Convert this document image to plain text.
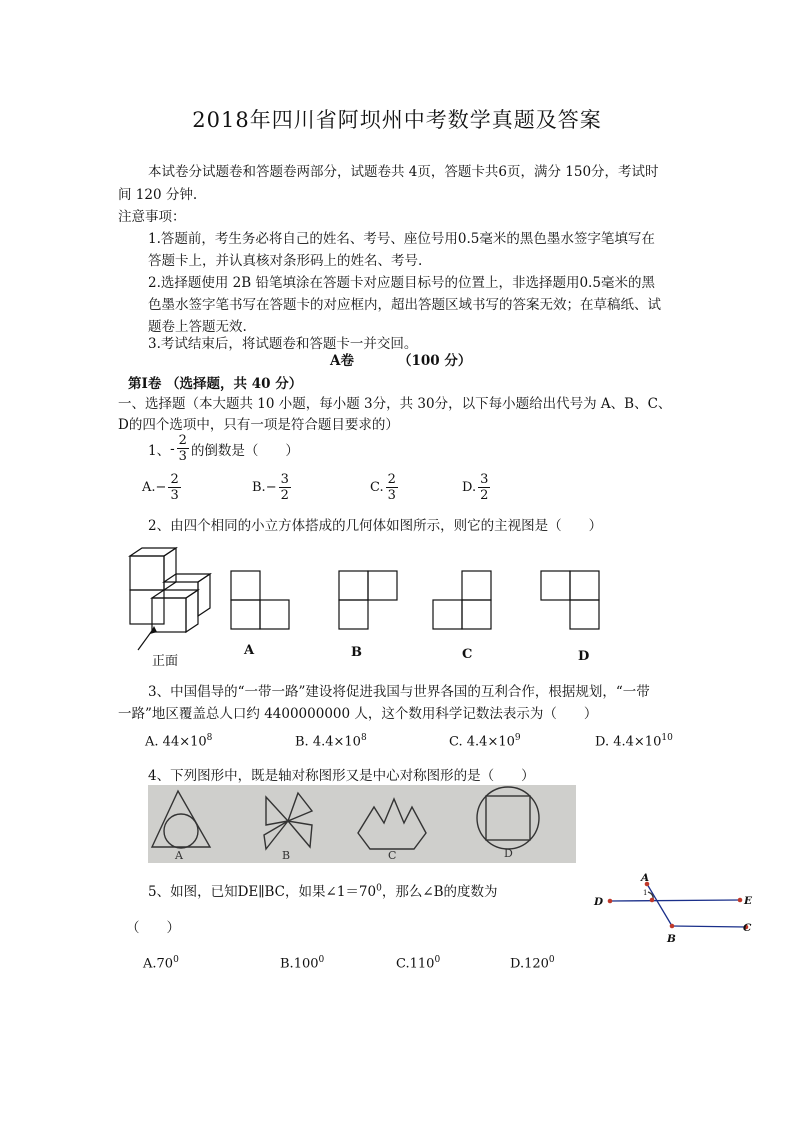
2018年四川省阿坝州中考数学真题及答案
本试卷分试题卷和答题卷两部分，试题卷共 4页，答题卡共6页，满分 150分，考试时
间 120 分钟.
注意事项：
1.答题前，考生务必将自己的姓名、考号、座位号用0.5毫米的黑色墨水签字笔填写在
答题卡上，并认真核对条形码上的姓名、考号.
2.选择题使用 2B 铅笔填涂在答题卡对应题目标号的位置上，非选择题用0.5毫米的黑
色墨水签字笔书写在答题卡的对应框内，超出答题区域书写的答案无效；在草稿纸、试
题卷上答题无效.
3.考试结束后，将试题卷和答题卡一并交回。
A卷	（100 分）
第Ⅰ卷 （选择题，共 40 分）
一、选择题（本大题共 10 小题，每小题 3分，共 30分，以下每小题给出代号为 A、B、C、
D的四个选项中，只有一项是符合题目要求的）
1、 - $\frac{2}{3}$ 的倒数是（　　）
A. − $\frac{2}{3}$	B. − $\frac{3}{2}$	C. $\frac{2}{3}$	D. $\frac{3}{2}$
2、由四个相同的小立方体搭成的几何体如图所示，则它的主视图是（　　）
正面
A	B	C	D
3、中国倡导的“一带一路”建设将促进我国与世界各国的互利合作，根据规划，“一带
一路”地区覆盖总人口约 4400000000 人，这个数用科学记数法表示为（　　）
A. $44\times 10^8$	B. $4.4\times 10^8$	C. $4.4\times 10^9$	D. $4.4\times 10^{10}$
4、下列图形中，既是轴对称图形又是中心对称图形的是（　　）
A	B	C	D
5、如图，已知DE∥BC，如果$\angle 1=70^0$，那么∠B的度数为
（　　）
$A.70^0$	B.100$^0$	C.110$^0$	D.120$^0$
A
1
D	E
B
C
